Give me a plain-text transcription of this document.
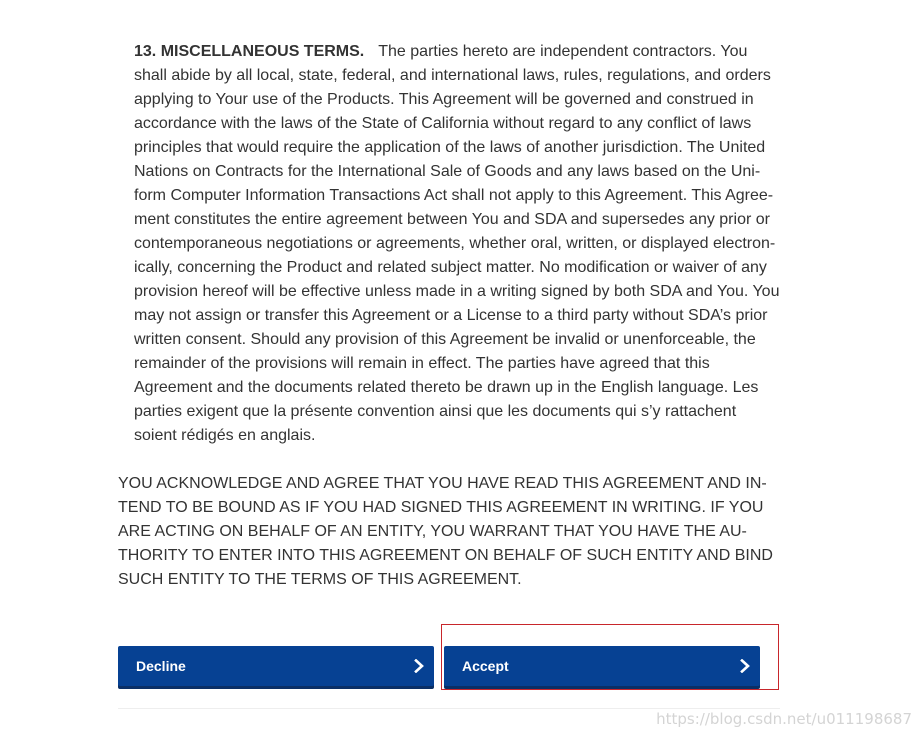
13. MISCELLANEOUS TERMS. The parties hereto are independent contractors. You shall abide by all local, state, federal, and international laws, rules, regulations, and orders applying to Your use of the Products. This Agreement will be governed and construed in accordance with the laws of the State of California without regard to any conflict of laws principles that would require the application of the laws of another jurisdiction. The United Nations on Contracts for the International Sale of Goods and any laws based on the Uniform Computer Information Transactions Act shall not apply to this Agreement. This Agreement constitutes the entire agreement between You and SDA and supersedes any prior or contemporaneous negotiations or agreements, whether oral, written, or displayed electronically, concerning the Product and related subject matter. No modification or waiver of any provision hereof will be effective unless made in a writing signed by both SDA and You. You may not assign or transfer this Agreement or a License to a third party without SDA’s prior written consent. Should any provision of this Agreement be invalid or unenforceable, the remainder of the provisions will remain in effect. The parties have agreed that this Agreement and the documents related thereto be drawn up in the English language. Les parties exigent que la présente convention ainsi que les documents qui s’y rattachent soient rédigés en anglais.
YOU ACKNOWLEDGE AND AGREE THAT YOU HAVE READ THIS AGREEMENT AND INTEND TO BE BOUND AS IF YOU HAD SIGNED THIS AGREEMENT IN WRITING. IF YOU ARE ACTING ON BEHALF OF AN ENTITY, YOU WARRANT THAT YOU HAVE THE AUTHORITY TO ENTER INTO THIS AGREEMENT ON BEHALF OF SUCH ENTITY AND BIND SUCH ENTITY TO THE TERMS OF THIS AGREEMENT.
Decline	Accept
https://blog.csdn.net/u011198687
